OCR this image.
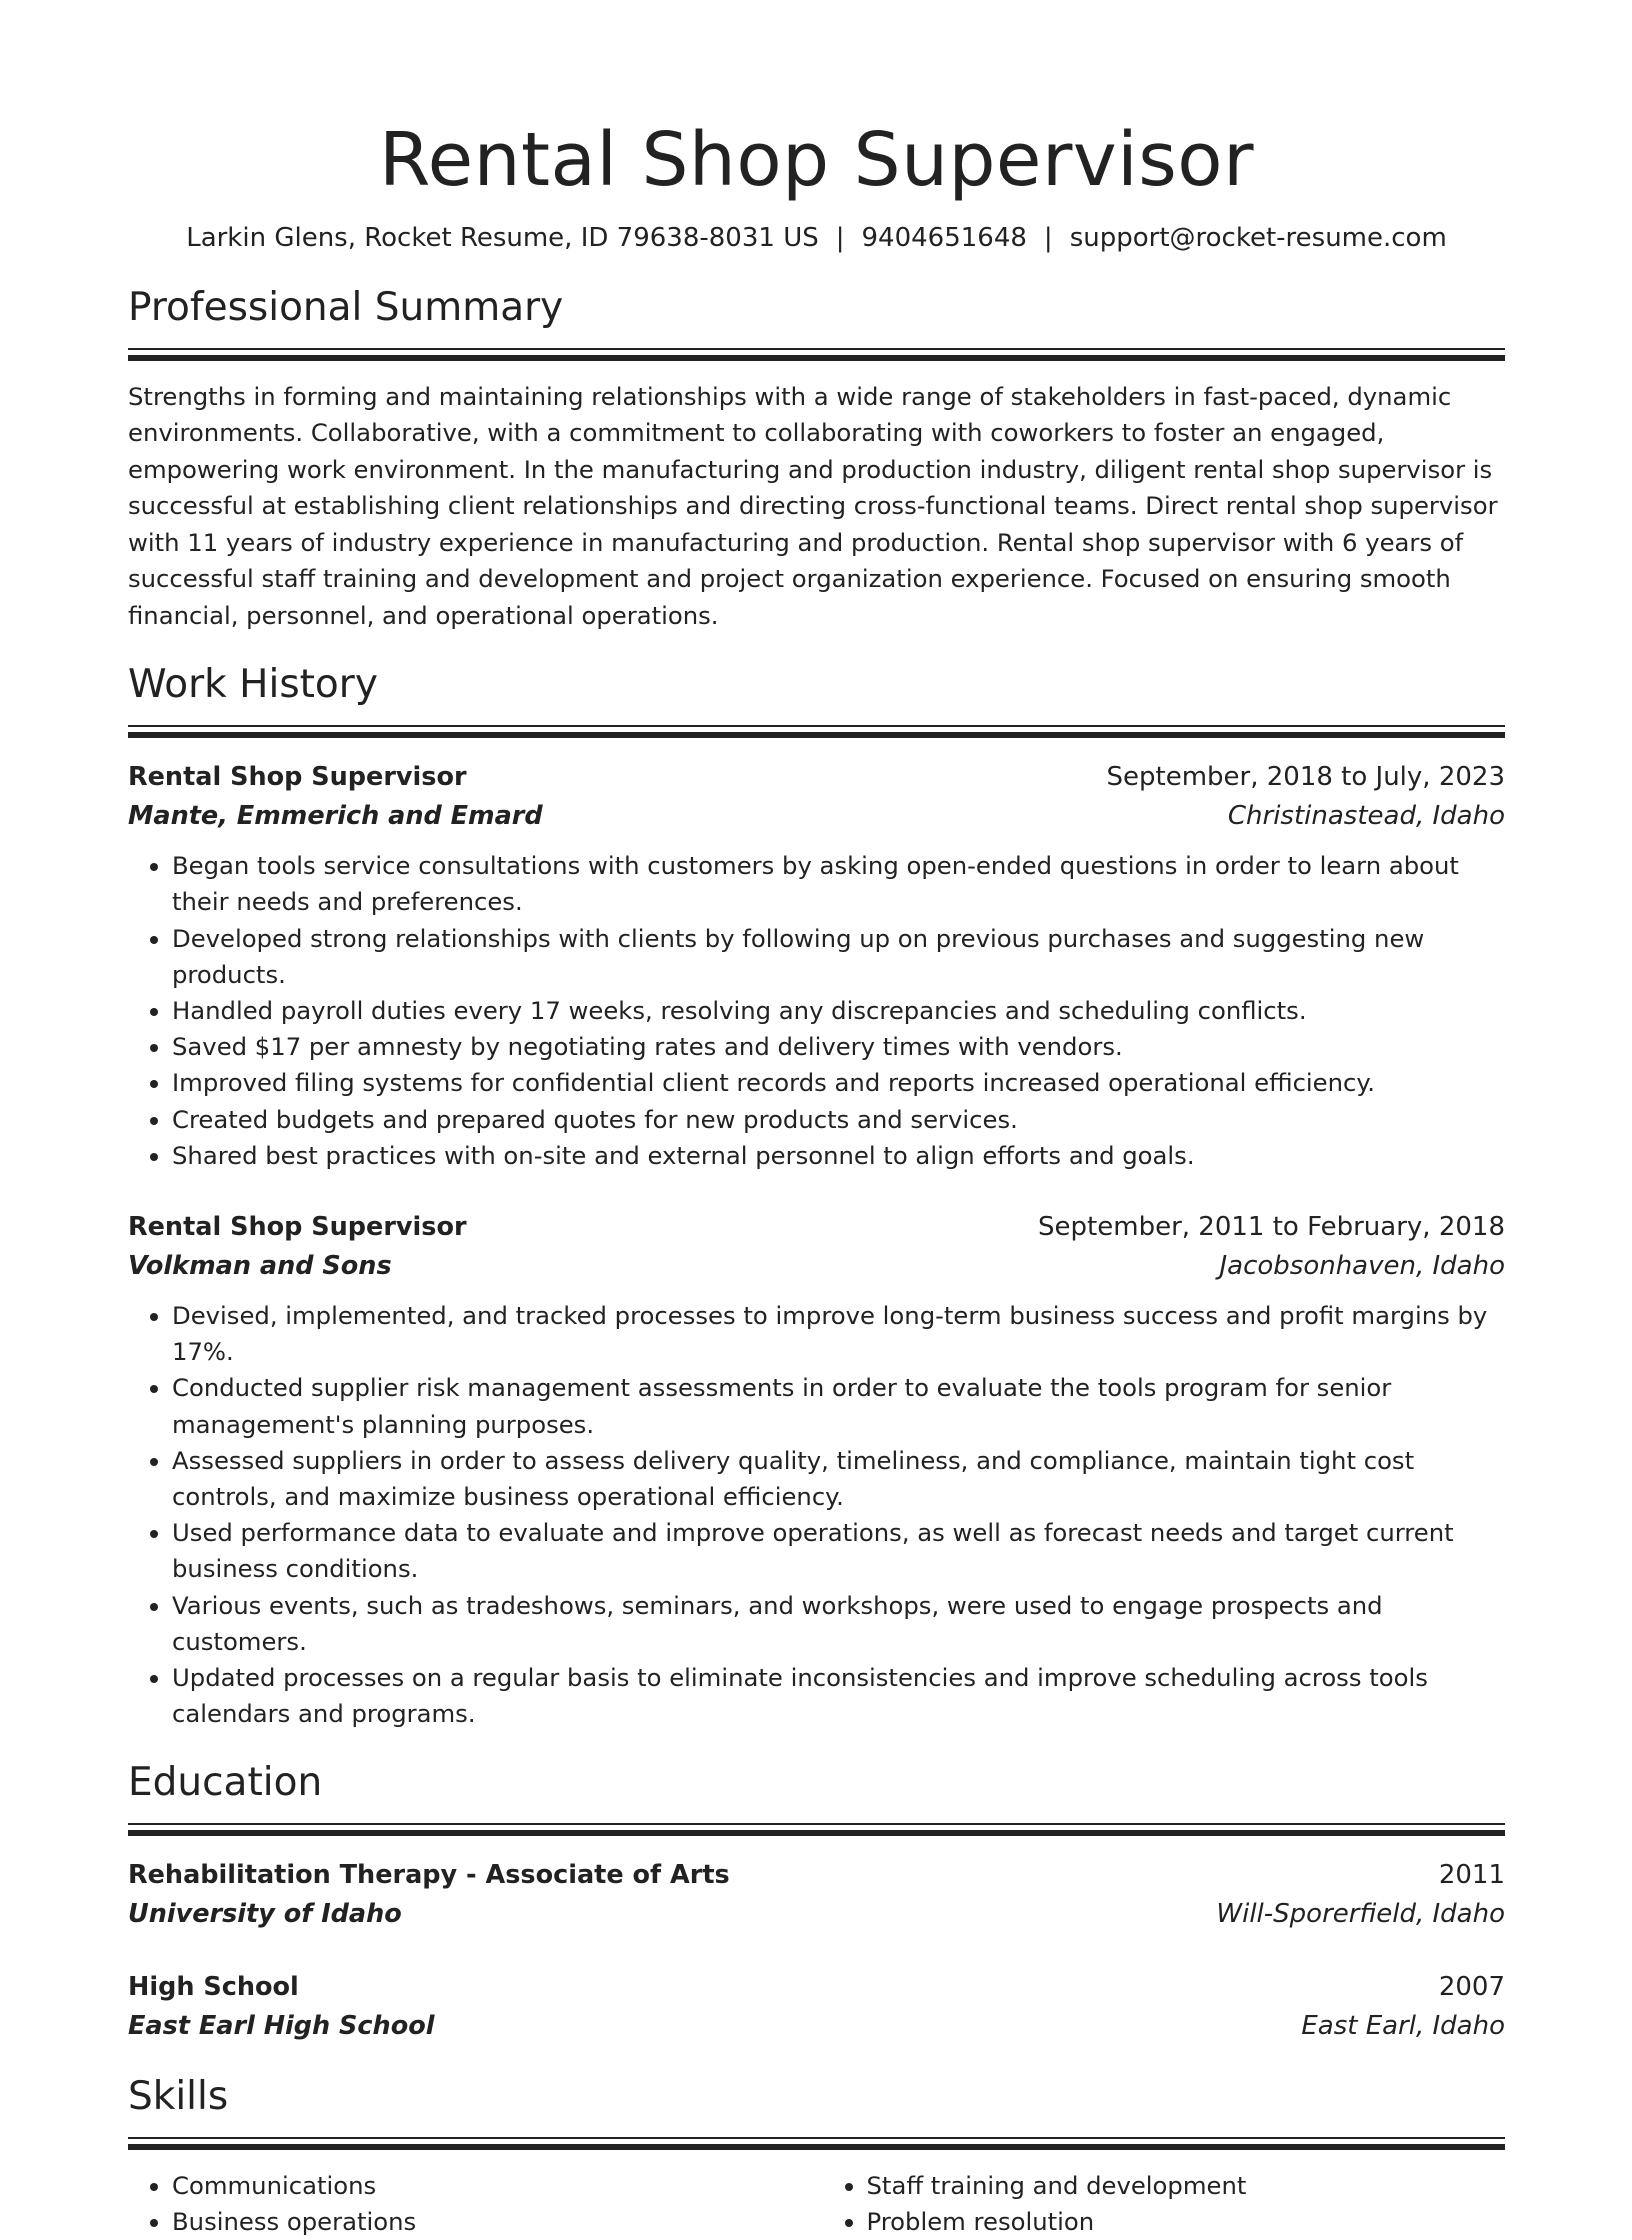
Rental Shop Supervisor
Larkin Glens, Rocket Resume, ID 79638-8031 US | 9404651648 | support@rocket-resume.com
Professional Summary
Strengths in forming and maintaining relationships with a wide range of stakeholders in fast-paced, dynamic environments. Collaborative, with a commitment to collaborating with coworkers to foster an engaged, empowering work environment. In the manufacturing and production industry, diligent rental shop supervisor is successful at establishing client relationships and directing cross-functional teams. Direct rental shop supervisor with 11 years of industry experience in manufacturing and production. Rental shop supervisor with 6 years of successful staff training and development and project organization experience. Focused on ensuring smooth financial, personnel, and operational operations.
Work History
Rental Shop Supervisor	September, 2018 to July, 2023
Mante, Emmerich and Emard	Christinastead, Idaho
• Began tools service consultations with customers by asking open-ended questions in order to learn about their needs and preferences.
• Developed strong relationships with clients by following up on previous purchases and suggesting new products.
• Handled payroll duties every 17 weeks, resolving any discrepancies and scheduling conflicts.
• Saved $17 per amnesty by negotiating rates and delivery times with vendors.
• Improved filing systems for confidential client records and reports increased operational efficiency.
• Created budgets and prepared quotes for new products and services.
• Shared best practices with on-site and external personnel to align efforts and goals.
Rental Shop Supervisor	September, 2011 to February, 2018
Volkman and Sons	Jacobsonhaven, Idaho
• Devised, implemented, and tracked processes to improve long-term business success and profit margins by 17%.
• Conducted supplier risk management assessments in order to evaluate the tools program for senior management's planning purposes.
• Assessed suppliers in order to assess delivery quality, timeliness, and compliance, maintain tight cost controls, and maximize business operational efficiency.
• Used performance data to evaluate and improve operations, as well as forecast needs and target current business conditions.
• Various events, such as tradeshows, seminars, and workshops, were used to engage prospects and customers.
• Updated processes on a regular basis to eliminate inconsistencies and improve scheduling across tools calendars and programs.
Education
Rehabilitation Therapy - Associate of Arts	2011
University of Idaho	Will-Sporerfield, Idaho
High School	2007
East Earl High School	East Earl, Idaho
Skills
• Communications
• Business operations
• Staff training and development
• Problem resolution
